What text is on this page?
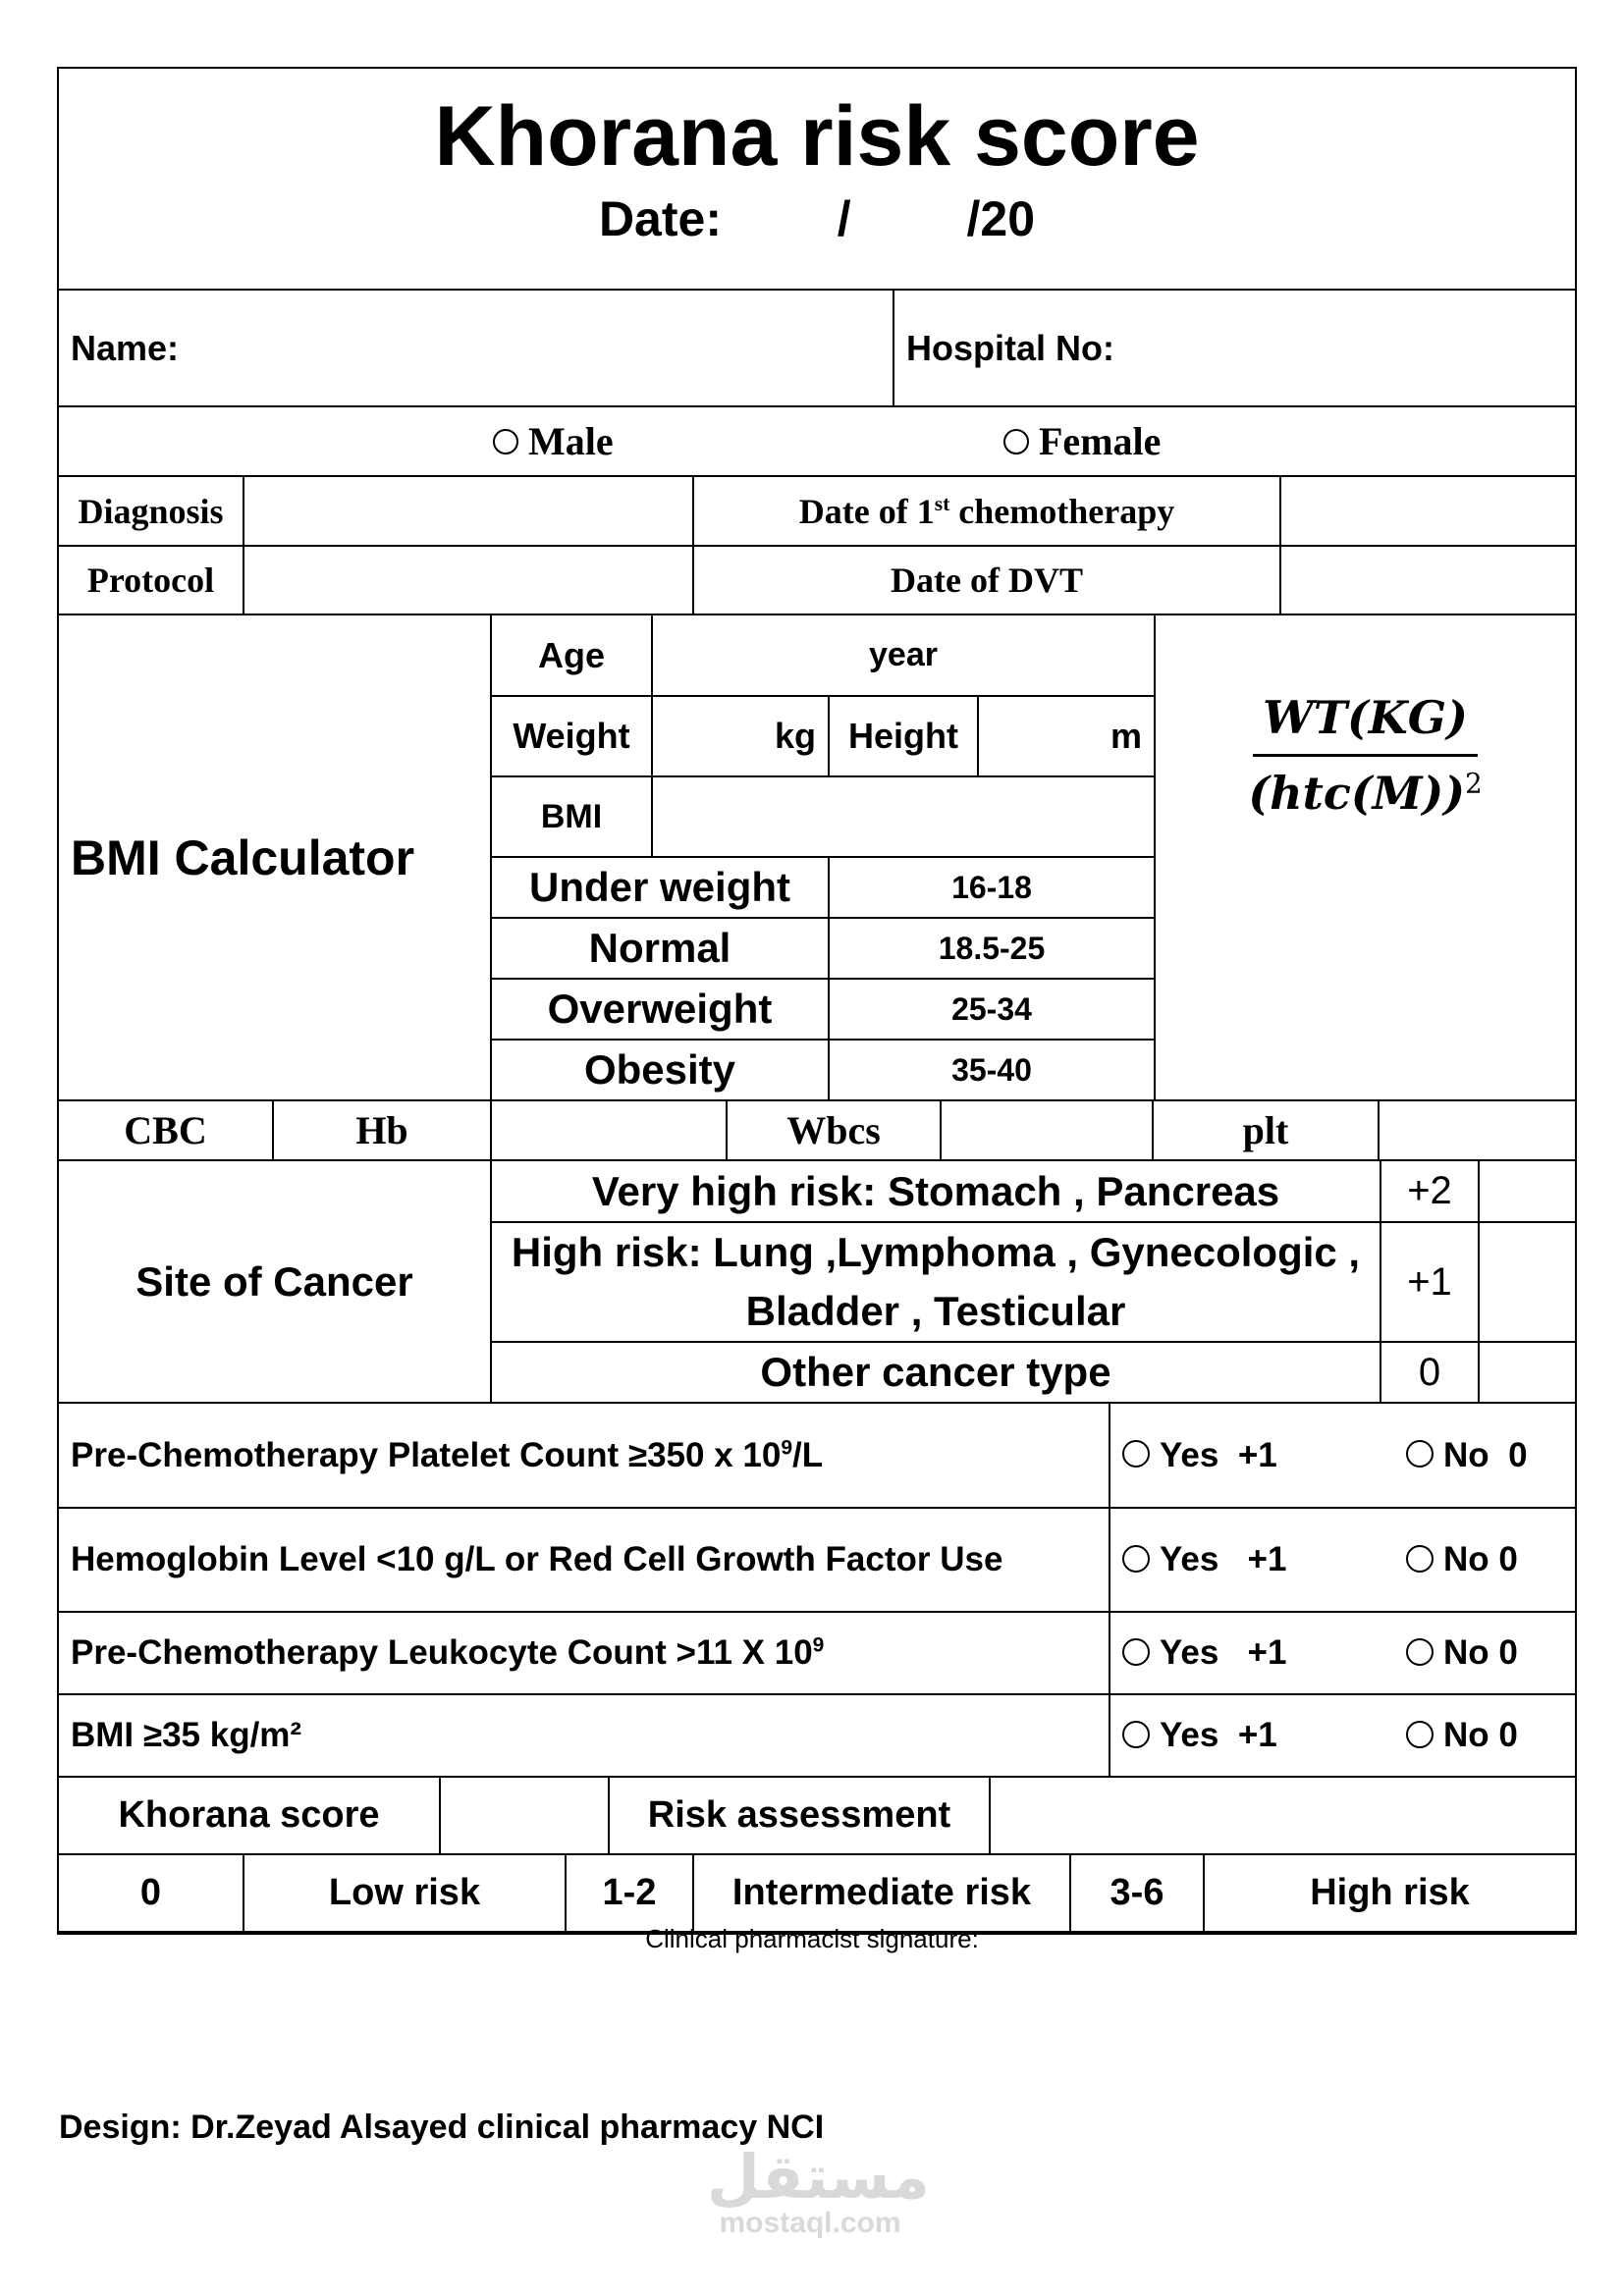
Khorana risk score
Date: / /20
Name:	Hospital No:
Male	Female
Diagnosis		Date of 1st chemotherapy	
Protocol		Date of DVT	
BMI Calculator	Age	year			WT(KG)
$(htc(M))^2$

	Weight	kg	Height	m	
	BMI				
	Under weight		16-18		
	Normal		18.5-25		
	Overweight		25-34		
	Obesity		35-40		
CBC	Hb		Wbcs		plt	
Site of Cancer	Very high risk: Stomach , Pancreas	+2	
	High risk: Lung ,Lymphoma , Gynecologic , Bladder , Testicular	+1	
	Other cancer type	0	
Pre-Chemotherapy Platelet Count ≥350 x $10^9/L$	Yes +1	No 0
Hemoglobin Level <10 g/L or Red Cell Growth Factor Use	Yes +1	No 0
Pre-Chemotherapy Leukocyte Count >11 X $10^9$	Yes +1	No 0
BMI ≥35 kg/m²	Yes +1	No 0
Khorana score		Risk assessment	
0	Low risk	1-2	Intermediate risk	3-6	High risk
Clinical pharmacist signature:
Design: Dr.Zeyad Alsayed clinical pharmacy NCI
مستقل
mostaql.com
